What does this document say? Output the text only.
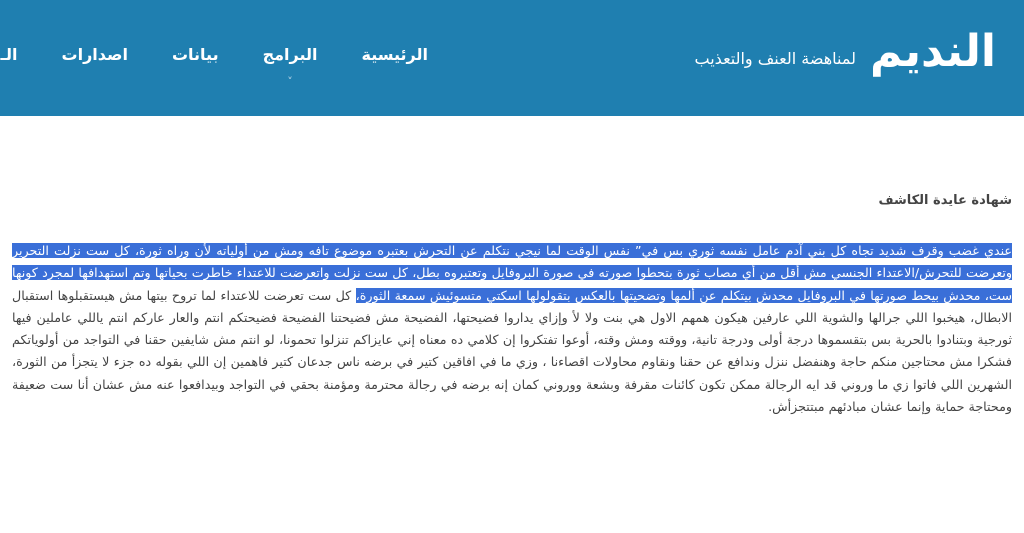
النديم
لمناهضة العنف والتعذيب
الرئيسية
البرامج
˅
بيانات
اصدارات
الـ
شهادة عايدة الكاشف

عندي غضب وقرف شديد تجاه كل بني آدم عامل نفسه ثوري بس في” نفس الوقت لما نيجي نتكلم عن التحرش بعتبره موضوع تافه ومش من أولياته لأن وراه ثورة، كل ست نزلت التحرير وتعرضت للتحرش/الاعتداء الجنسي مش أقل من أي مصاب ثورة بتحطوا صورته في صورة البروفايل وتعتبروه بطل، كل ست نزلت واتعرضت للاعتداء خاطرت بحياتها وتم استهدافها لمجرد كونها ست، محدش بيحط صورتها في البروفايل محدش بيتكلم عن ألمها وتضحيتها بالعكس بتقولولها اسكتي متسوئيش سمعة الثورة، كل ست تعرضت للاعتداء لما تروح بيتها مش هيستقبلوها استقبال الابطال، هيخبوا اللي جرالها والشوية اللي عارفين هيكون همهم الاول هي بنت ولا لأ وإزاي يداروا فضيحتها، الفضيحة مش فضيحتنا الفضيحة فضيحتكم انتم والعار عاركم انتم ياللي عاملين فيها ثورجية وبتنادوا بالحرية بس بتقسموها درجة أولى ودرجة تانية، ووقته ومش وقته، أوعوا تفتكروا إن كلامي ده معناه إني عايزاكم تنزلوا تحمونا، لو انتم مش شايفين حقنا في التواجد من أولوياتكم فشكرا مش محتاجين منكم حاجة وهنفضل ننزل وندافع عن حقنا ونقاوم محاولات اقصاءنا ، وزي ما في افاقين كتير في برضه ناس جدعان كتير فاهمين إن اللي بقوله ده جزء لا يتجزأ من الثورة، الشهرين اللي فاتوا زي ما وروني قد ايه الرجالة ممكن تكون كائنات مقرفة وبشعة ووروني كمان إنه برضه في رجالة محترمة ومؤمنة بحقي في التواجد وبيدافعوا عنه مش عشان أنا ست ضعيفة ومحتاجة حماية وإنما عشان مبادئهم مبتتجزأش.
